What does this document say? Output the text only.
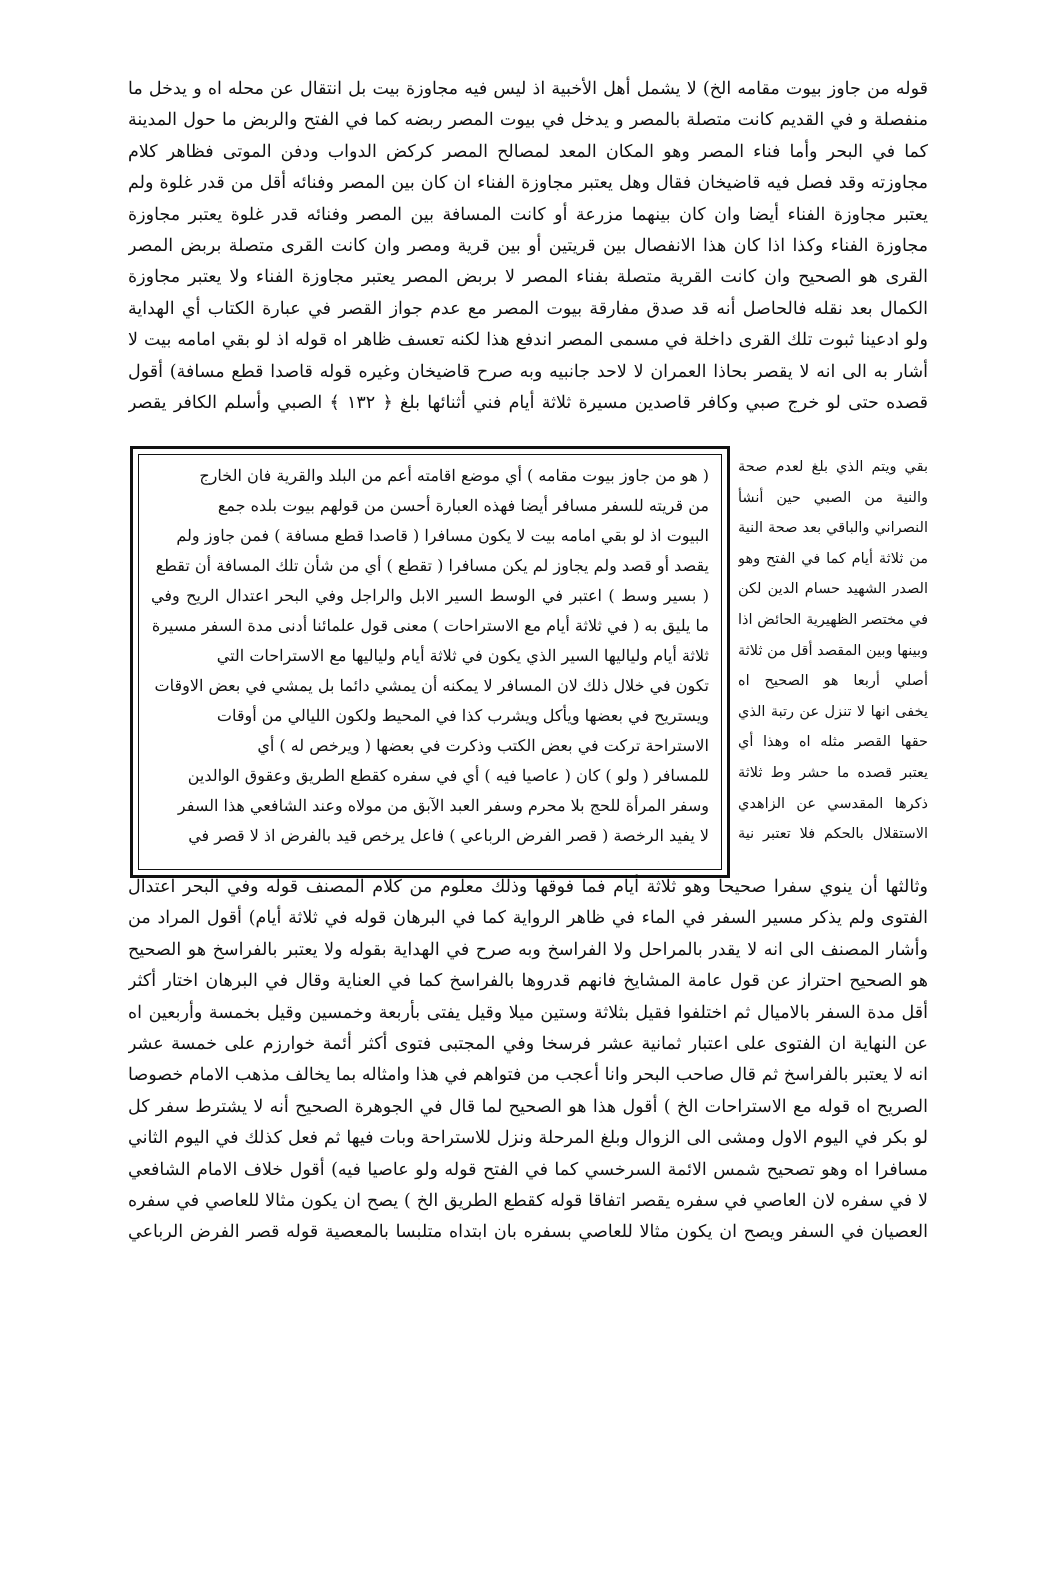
قوله من جاوز بيوت مقامه الخ) لا يشمل أهل الأخبية اذ ليس فيه مجاوزة بيت بل انتقال عن محله اه و يدخل ما
منفصلة و في القديم كانت متصلة بالمصر و يدخل في بيوت المصر ربضه كما في الفتح والربض ما حول المدينة
كما في البحر وأما فناء المصر وهو المكان المعد لمصالح المصر كركض الدواب ودفن الموتى فظاهر كلام
مجاوزته وقد فصل فيه قاضيخان فقال وهل يعتبر مجاوزة الفناء ان كان بين المصر وفنائه أقل من قدر غلوة ولم
يعتبر مجاوزة الفناء أيضا وان كان بينهما مزرعة أو كانت المسافة بين المصر وفنائه قدر غلوة يعتبر مجاوزة
مجاوزة الفناء وكذا اذا كان هذا الانفصال بين قريتين أو بين قرية ومصر وان كانت القرى متصلة بربض المصر
القرى هو الصحيح وان كانت القرية متصلة بفناء المصر لا بربض المصر يعتبر مجاوزة الفناء ولا يعتبر مجاوزة
الكمال بعد نقله فالحاصل أنه قد صدق مفارقة بيوت المصر مع عدم جواز القصر في عبارة الكتاب أي الهداية
ولو ادعينا ثبوت تلك القرى داخلة في مسمى المصر اندفع هذا لكنه تعسف ظاهر اه قوله اذ لو بقي امامه بيت لا
أشار به الى انه لا يقصر بحاذا العمران لا لاحد جانبيه وبه صرح قاضيخان وغيره قوله قاصدا قطع مسافة) أقول
قصده حتى لو خرج صبي وكافر قاصدين مسيرة ثلاثة أيام فني أثنائها بلغ ﴿ ١٣٢ ﴾ الصبي وأسلم الكافر يقصر
( هو من جاوز بيوت مقامه ) أي موضع اقامته أعم من البلد والقرية فان الخارج
من قريته للسفر مسافر أيضا فهذه العبارة أحسن من قولهم بيوت بلده جمع
البيوت اذ لو بقي امامه بيت لا يكون مسافرا ( قاصدا قطع مسافة ) فمن جاوز ولم
يقصد أو قصد ولم يجاوز لم يكن مسافرا ( تقطع ) أي من شأن تلك المسافة أن تقطع
( بسير وسط ) اعتبر في الوسط السير الابل والراجل وفي البحر اعتدال الريح وفي
ما يليق به ( في ثلاثة أيام مع الاستراحات ) معنى قول علمائنا أدنى مدة السفر مسيرة
ثلاثة أيام ولياليها السير الذي يكون في ثلاثة أيام ولياليها مع الاستراحات التي
تكون في خلال ذلك لان المسافر لا يمكنه أن يمشي دائما بل يمشي في بعض الاوقات
ويستريح في بعضها ويأكل ويشرب كذا في المحيط ولكون الليالي من أوقات
الاستراحة تركت في بعض الكتب وذكرت في بعضها ( ويرخص له ) أي
للمسافر ( ولو ) كان ( عاصيا فيه ) أي في سفره كقطع الطريق وعقوق الوالدين
وسفر المرأة للحج بلا محرم وسفر العبد الآبق من مولاه وعند الشافعي هذا السفر
لا يفيد الرخصة ( قصر الفرض الرباعي ) فاعل يرخص قيد بالفرض اذ لا قصر في
بقي ويتم الذي بلغ لعدم صحة
والنية من الصبي حين أنشأ
النصراني والباقي بعد صحة النية
من ثلاثة أيام كما في الفتح وهو
الصدر الشهيد حسام الدين لكن
في مختصر الظهيرية الحائض اذا
وبينها وبين المقصد أقل من ثلاثة
أصلي أربعا هو الصحيح اه
يخفى انها لا تنزل عن رتبة الذي
حقها القصر مثله اه وهذا أي
يعتبر قصده ما حشر وط ثلاثة
ذكرها المقدسي عن الزاهدي
الاستقلال بالحكم فلا تعتبر نية
وثالثها أن ينوي سفرا صحيحا وهو ثلاثة أيام فما فوقها وذلك معلوم من كلام المصنف قوله وفي البحر اعتدال
الفتوى ولم يذكر مسير السفر في الماء في ظاهر الرواية كما في البرهان قوله في ثلاثة أيام) أقول المراد من
وأشار المصنف الى انه لا يقدر بالمراحل ولا الفراسخ وبه صرح في الهداية بقوله ولا يعتبر بالفراسخ هو الصحيح
هو الصحيح احتراز عن قول عامة المشايخ فانهم قدروها بالفراسخ كما في العناية وقال في البرهان اختار أكثر
أقل مدة السفر بالاميال ثم اختلفوا فقيل بثلاثة وستين ميلا وقيل يفتى بأربعة وخمسين وقيل بخمسة وأربعين اه
عن النهاية ان الفتوى على اعتبار ثمانية عشر فرسخا وفي المجتبى فتوى أكثر أئمة خوارزم على خمسة عشر
انه لا يعتبر بالفراسخ ثم قال صاحب البحر وانا أعجب من فتواهم في هذا وامثاله بما يخالف مذهب الامام خصوصا
الصريح اه قوله مع الاستراحات الخ ) أقول هذا هو الصحيح لما قال في الجوهرة الصحيح أنه لا يشترط سفر كل
لو بكر في اليوم الاول ومشى الى الزوال وبلغ المرحلة ونزل للاستراحة وبات فيها ثم فعل كذلك في اليوم الثاني
مسافرا اه وهو تصحيح شمس الائمة السرخسي كما في الفتح قوله ولو عاصيا فيه) أقول خلاف الامام الشافعي
لا في سفره لان العاصي في سفره يقصر اتفاقا قوله كقطع الطريق الخ ) يصح ان يكون مثالا للعاصي في سفره
العصيان في السفر ويصح ان يكون مثالا للعاصي بسفره بان ابتداه متلبسا بالمعصية قوله قصر الفرض الرباعي
